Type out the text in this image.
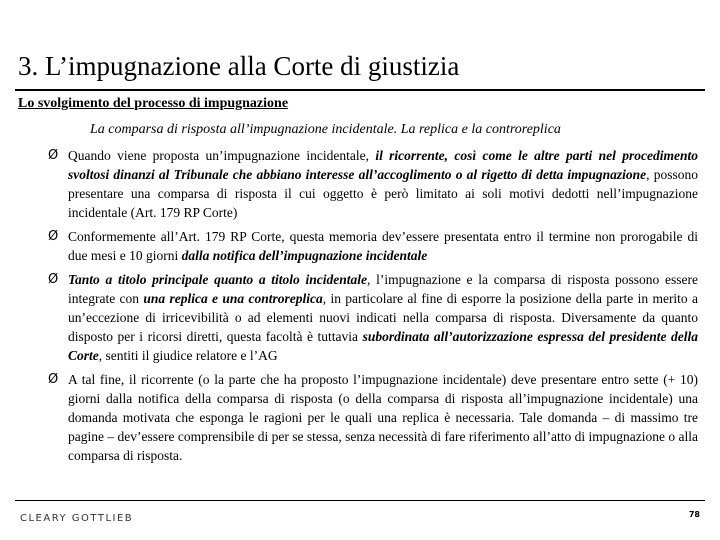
3. L’impugnazione alla Corte di giustizia
Lo svolgimento del processo di impugnazione
La comparsa di risposta all’impugnazione incidentale. La replica e la controreplica
Ø Quando viene proposta un’impugnazione incidentale, il ricorrente, così come le altre parti nel procedimento svoltosi dinanzi al Tribunale che abbiano interesse all’accoglimento o al rigetto di detta impugnazione, possono presentare una comparsa di risposta il cui oggetto è però limitato ai soli motivi dedotti nell’impugnazione incidentale (Art. 179 RP Corte)
Ø Conformemente all’Art. 179 RP Corte, questa memoria dev’essere presentata entro il termine non prorogabile di due mesi e 10 giorni dalla notifica dell’impugnazione incidentale
Ø Tanto a titolo principale quanto a titolo incidentale, l’impugnazione e la comparsa di risposta possono essere integrate con una replica e una controreplica, in particolare al fine di esporre la posizione della parte in merito a un’eccezione di irricevibilità o ad elementi nuovi indicati nella comparsa di risposta. Diversamente da quanto disposto per i ricorsi diretti, questa facoltà è tuttavia subordinata all’autorizzazione espressa del presidente della Corte, sentiti il giudice relatore e l’AG
Ø A tal fine, il ricorrente (o la parte che ha proposto l’impugnazione incidentale) deve presentare entro sette (+ 10) giorni dalla notifica della comparsa di risposta (o della comparsa di risposta all’impugnazione incidentale) una domanda motivata che esponga le ragioni per le quali una replica è necessaria. Tale domanda – di massimo tre pagine – dev’essere comprensibile di per se stessa, senza necessità di fare riferimento all’atto di impugnazione o alla comparsa di risposta.
CLEARY GOTTLIEB	78
